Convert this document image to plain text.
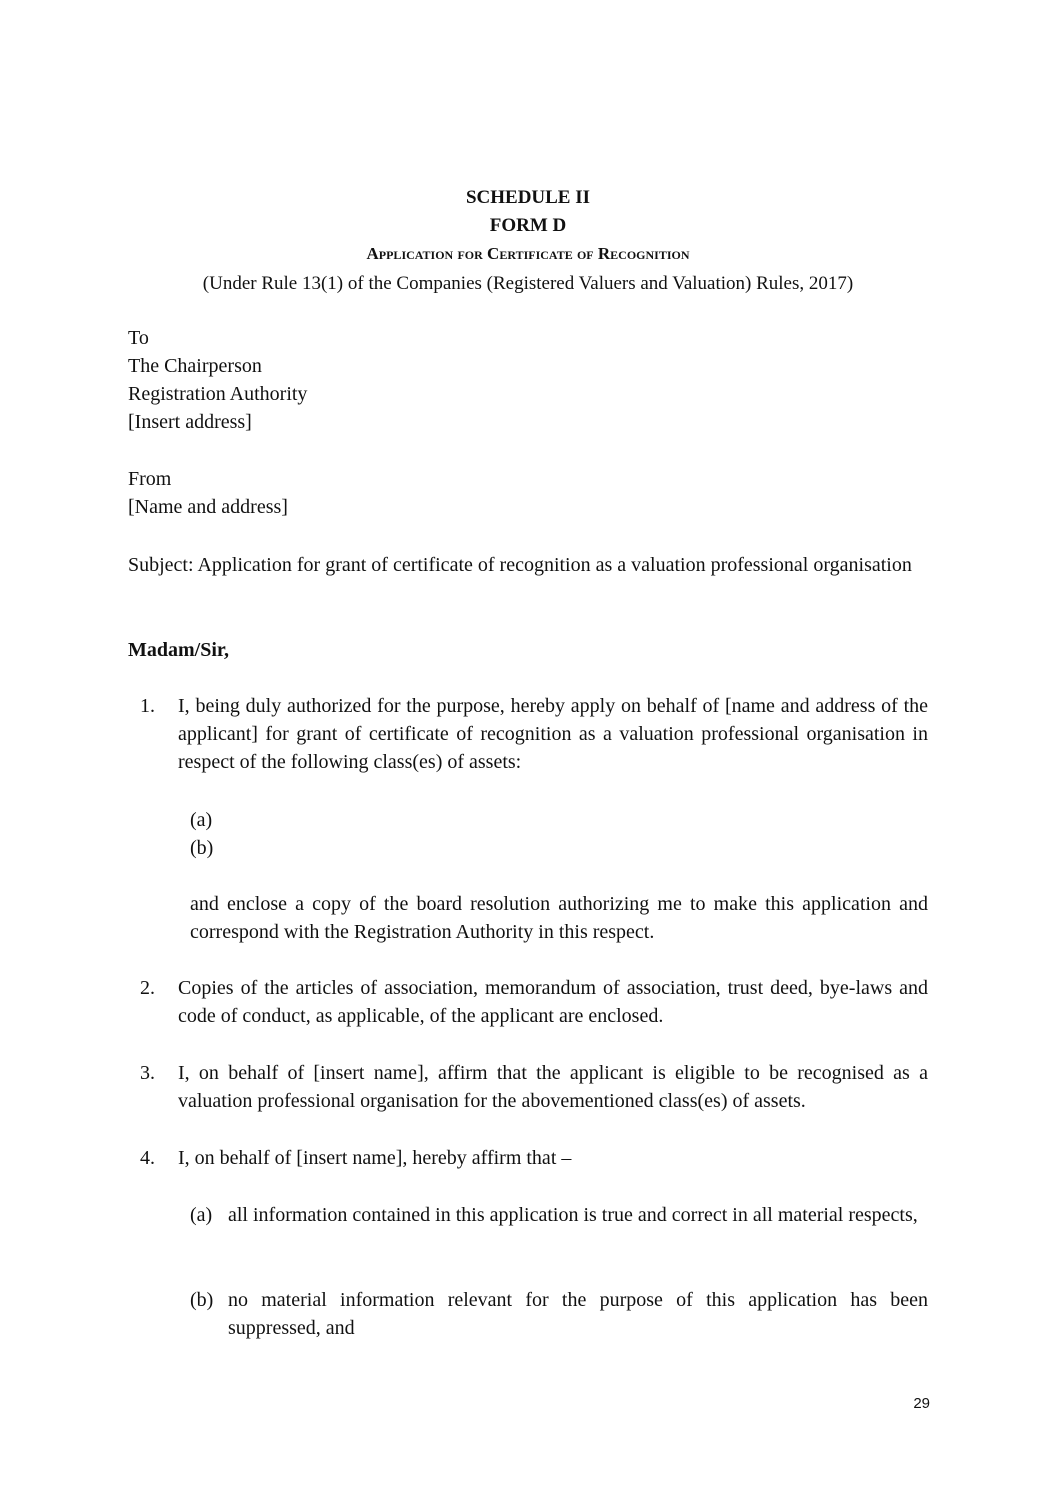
SCHEDULE II
FORM D
Application for Certificate of Recognition
(Under Rule 13(1) of the Companies (Registered Valuers and Valuation) Rules, 2017)
To
The Chairperson
Registration Authority
[Insert address]
From
[Name and address]
Subject: Application for grant of certificate of recognition as a valuation professional organisation
Madam/Sir,
1. I, being duly authorized for the purpose, hereby apply on behalf of [name and address of the applicant] for grant of certificate of recognition as a valuation professional organisation in respect of the following class(es) of assets:
(a)
(b)
and enclose a copy of the board resolution authorizing me to make this application and correspond with the Registration Authority in this respect.
2. Copies of the articles of association, memorandum of association, trust deed, bye-laws and code of conduct, as applicable, of the applicant are enclosed.
3. I, on behalf of [insert name], affirm that the applicant is eligible to be recognised as a valuation professional organisation for the abovementioned class(es) of assets.
4. I, on behalf of [insert name], hereby affirm that –
(a) all information contained in this application is true and correct in all material respects,
(b) no material information relevant for the purpose of this application has been suppressed, and
29
